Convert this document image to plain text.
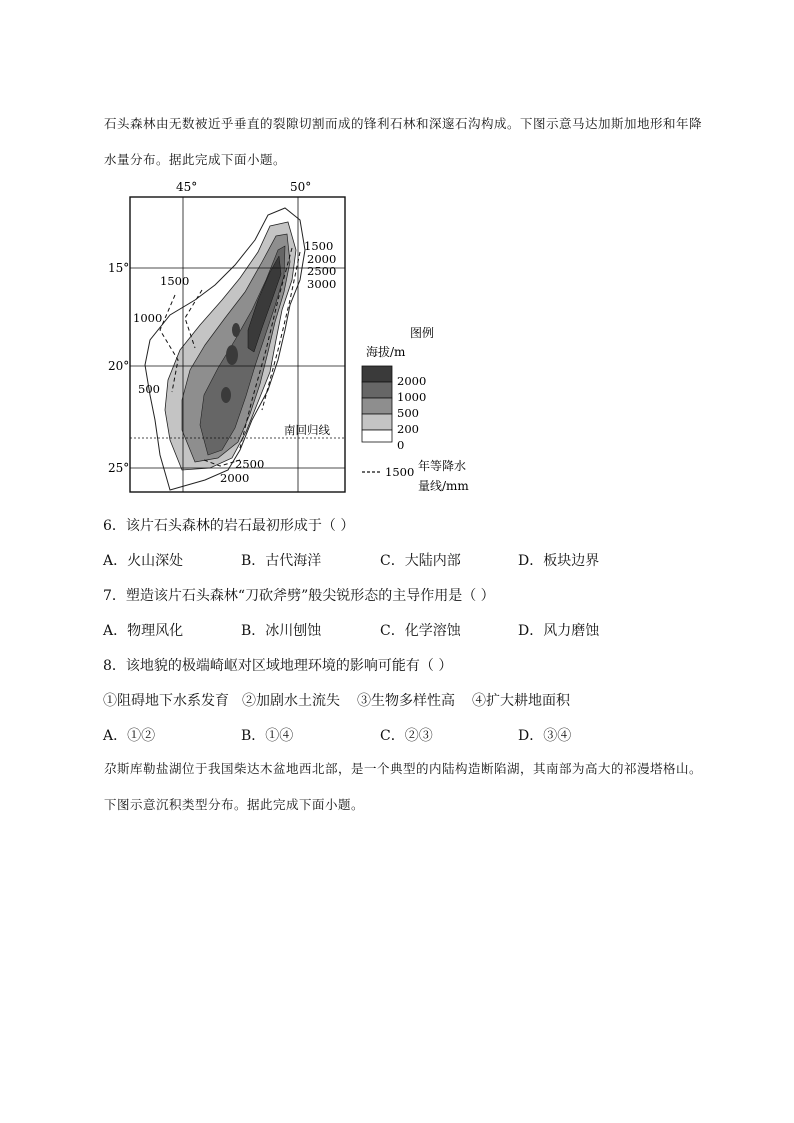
石头森林由无数被近乎垂直的裂隙切割而成的锋利石林和深邃石沟构成。下图示意马达加斯加地形和年降水量分布。据此完成下面小题。

45°	50°
15°
20°
25°
1500
2000
2500
3000
1500
1000
500
2500
2000
南回归线
图例
海拔/m
2000
1000
500
200
0
1500 年等降水
量线/mm

6．该片石头森林的岩石最初形成于（ ）

A．火山深处	B．古代海洋	C．大陆内部	D．板块边界

7．塑造该片石头森林“刀砍斧劈”般尖锐形态的主导作用是（ ）

A．物理风化	B．冰川刨蚀	C．化学溶蚀	D．风力磨蚀

8．该地貌的极端崎岖对区域地理环境的影响可能有（ ）

①阻碍地下水系发育 ②加剧水土流失 ③生物多样性高 ④扩大耕地面积
A．①②	B．①④	C．②③	D．③④

尕斯库勒盐湖位于我国柴达木盆地西北部，是一个典型的内陆构造断陷湖，其南部为高大的祁漫塔格山。下图示意沉积类型分布。据此完成下面小题。
